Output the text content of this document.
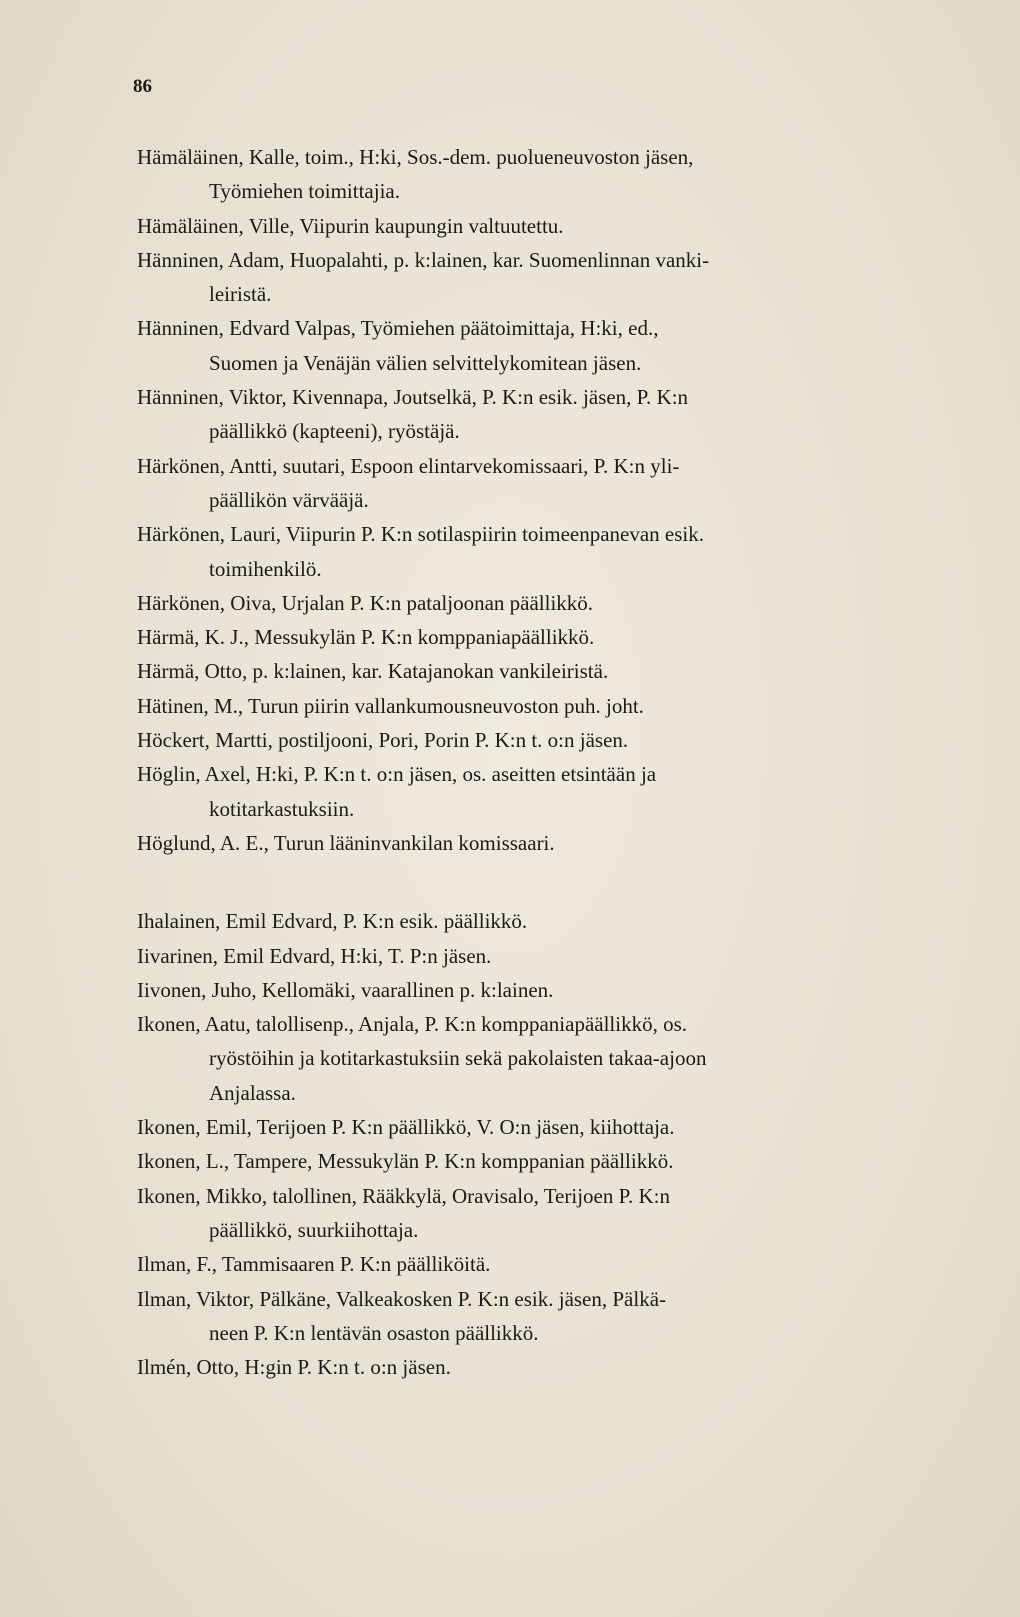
86
Hämäläinen, Kalle, toim., H:ki, Sos.-dem. puolueneuvoston jäsen,
Työmiehen toimittajia.
Hämäläinen, Ville, Viipurin kaupungin valtuutettu.
Hänninen, Adam, Huopalahti, p. k:lainen, kar. Suomenlinnan vanki-
leiristä.
Hänninen, Edvard Valpas, Työmiehen päätoimittaja, H:ki, ed.,
Suomen ja Venäjän välien selvittelykomitean jäsen.
Hänninen, Viktor, Kivennapa, Joutselkä, P. K:n esik. jäsen, P. K:n
päällikkö (kapteeni), ryöstäjä.
Härkönen, Antti, suutari, Espoon elintarvekomissaari, P. K:n yli-
päällikön värvääjä.
Härkönen, Lauri, Viipurin P. K:n sotilaspiirin toimeenpanevan esik.
toimihenkilö.
Härkönen, Oiva, Urjalan P. K:n pataljoonan päällikkö.
Härmä, K. J., Messukylän P. K:n komppaniapäällikkö.
Härmä, Otto, p. k:lainen, kar. Katajanokan vankileiristä.
Hätinen, M., Turun piirin vallankumousneuvoston puh. joht.
Höckert, Martti, postiljooni, Pori, Porin P. K:n t. o:n jäsen.
Höglin, Axel, H:ki, P. K:n t. o:n jäsen, os. aseitten etsintään ja
kotitarkastuksiin.
Höglund, A. E., Turun lääninvankilan komissaari.
Ihalainen, Emil Edvard, P. K:n esik. päällikkö.
Iivarinen, Emil Edvard, H:ki, T. P:n jäsen.
Iivonen, Juho, Kellomäki, vaarallinen p. k:lainen.
Ikonen, Aatu, talollisenp., Anjala, P. K:n komppaniapäällikkö, os.
ryöstöihin ja kotitarkastuksiin sekä pakolaisten takaa-ajoon
Anjalassa.
Ikonen, Emil, Terijoen P. K:n päällikkö, V. O:n jäsen, kiihottaja.
Ikonen, L., Tampere, Messukylän P. K:n komppanian päällikkö.
Ikonen, Mikko, talollinen, Rääkkylä, Oravisalo, Terijoen P. K:n
päällikkö, suurkiihottaja.
Ilman, F., Tammisaaren P. K:n päälliköitä.
Ilman, Viktor, Pälkäne, Valkeakosken P. K:n esik. jäsen, Pälkä-
neen P. K:n lentävän osaston päällikkö.
Ilmén, Otto, H:gin P. K:n t. o:n jäsen.
